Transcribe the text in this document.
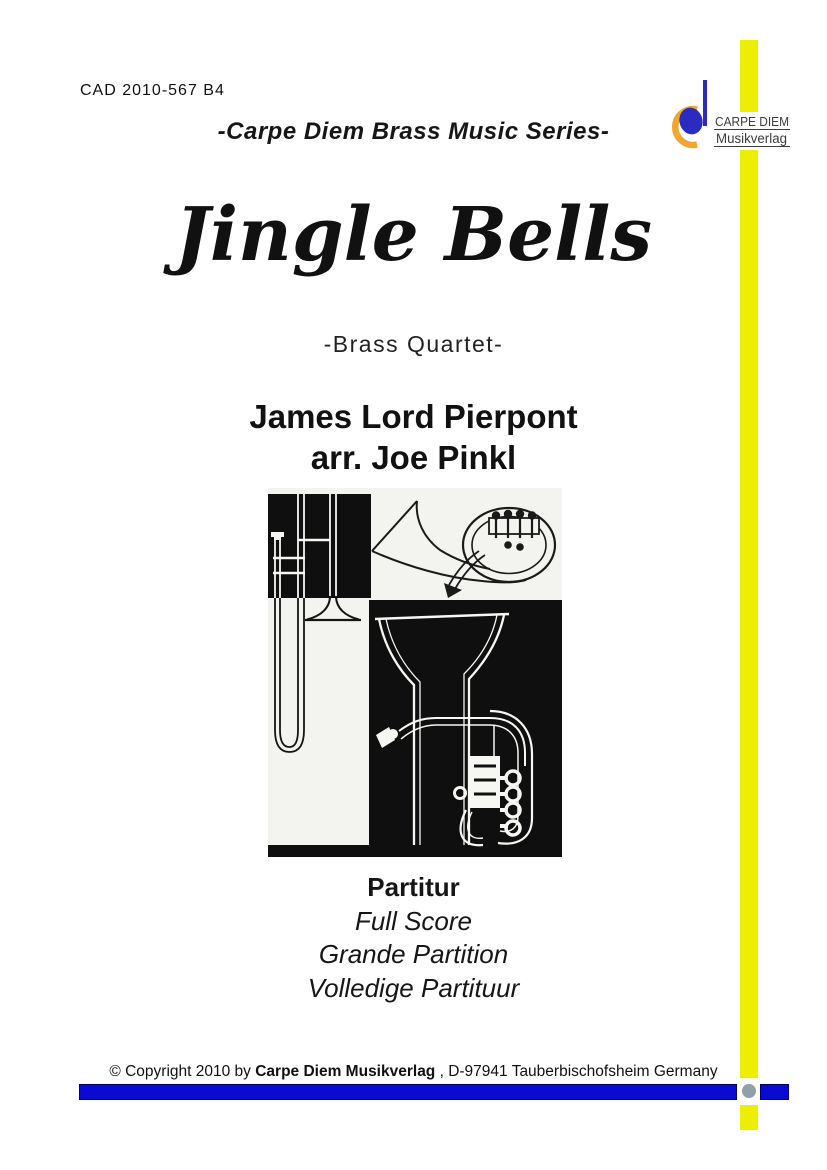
CAD 2010-567 B4
CARPE DIEM
Musikverlag
-Carpe Diem Brass Music Series-
Jingle Bells
-Brass Quartet-
James Lord Pierpont
arr. Joe Pinkl
Partitur
Full Score
Grande Partition
Volledige Partituur
© Copyright 2010 by Carpe Diem Musikverlag , D-97941 Tauberbischofsheim Germany
